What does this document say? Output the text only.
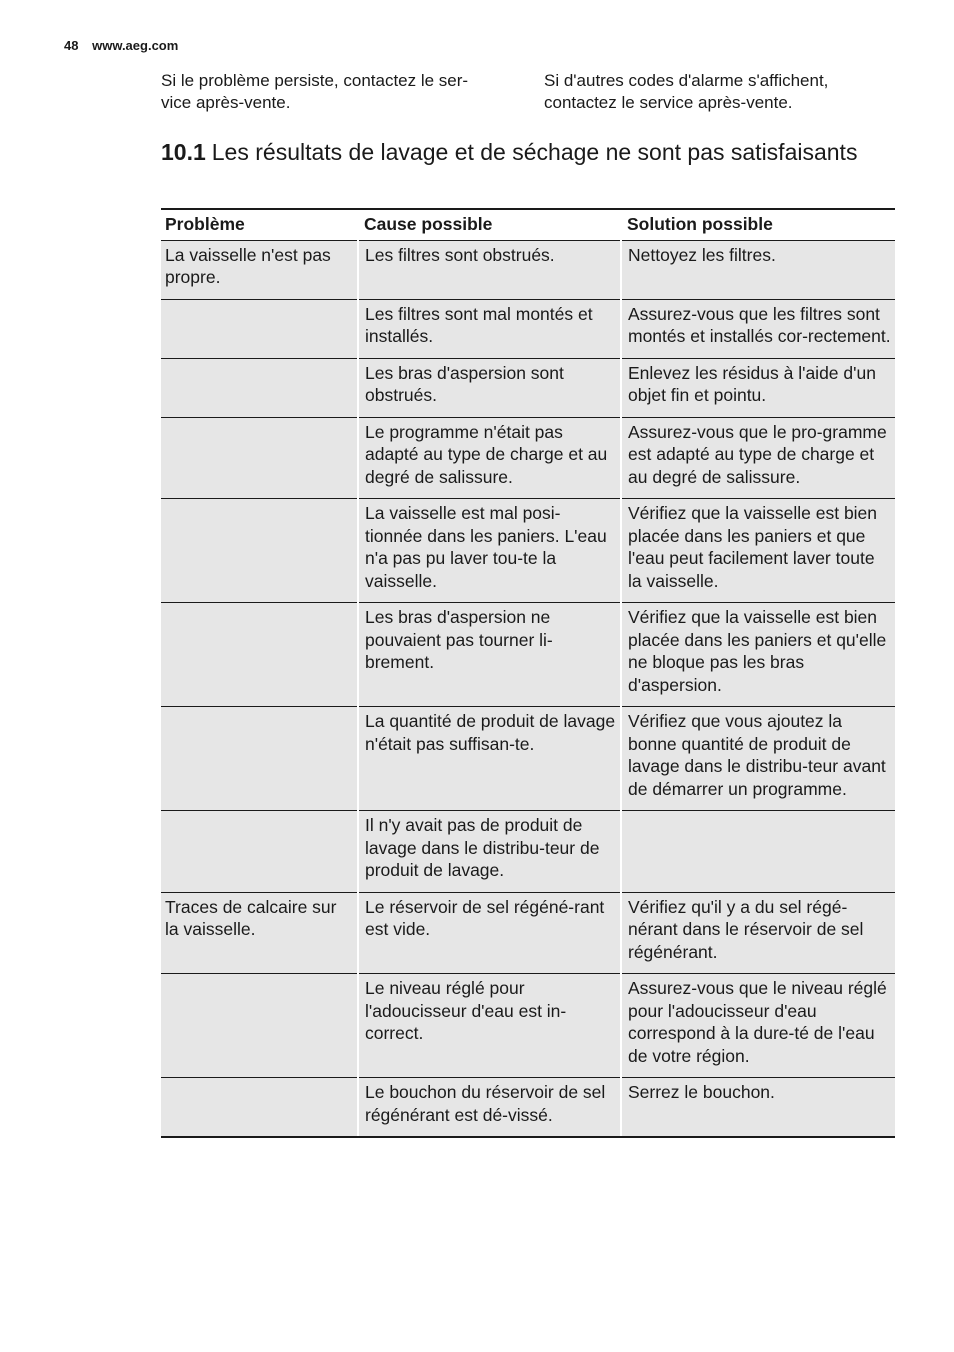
48 www.aeg.com
Si le problème persiste, contactez le ser-
vice après-vente.
Si d'autres codes d'alarme s'affichent,
contactez le service après-vente.
10.1 Les résultats de lavage et de séchage ne sont pas satisfaisants
Problème	Cause possible	Solution possible
La vaisselle n'est pas propre.	Les filtres sont obstrués.	Nettoyez les filtres.
	Les filtres sont mal montés et installés.	Assurez-vous que les filtres sont montés et installés cor-rectement.
	Les bras d'aspersion sont obstrués.	Enlevez les résidus à l'aide d'un objet fin et pointu.
	Le programme n'était pas adapté au type de charge et au degré de salissure.	Assurez-vous que le pro-gramme est adapté au type de charge et au degré de salissure.
	La vaisselle est mal posi-tionnée dans les paniers. L'eau n'a pas pu laver tou-te la vaisselle.	Vérifiez que la vaisselle est bien placée dans les paniers et que l'eau peut facilement laver toute la vaisselle.
	Les bras d'aspersion ne pouvaient pas tourner li-brement.	Vérifiez que la vaisselle est bien placée dans les paniers et qu'elle ne bloque pas les bras d'aspersion.
	La quantité de produit de lavage n'était pas suffisan-te.	Vérifiez que vous ajoutez la bonne quantité de produit de lavage dans le distribu-teur avant de démarrer un programme.
	Il n'y avait pas de produit de lavage dans le distribu-teur de produit de lavage.	
Traces de calcaire sur la vaisselle.	Le réservoir de sel régéné-rant est vide.	Vérifiez qu'il y a du sel régé-nérant dans le réservoir de sel régénérant.
	Le niveau réglé pour l'adoucisseur d'eau est in-correct.	Assurez-vous que le niveau réglé pour l'adoucisseur d'eau correspond à la dure-té de l'eau de votre région.
	Le bouchon du réservoir de sel régénérant est dé-vissé.	Serrez le bouchon.
